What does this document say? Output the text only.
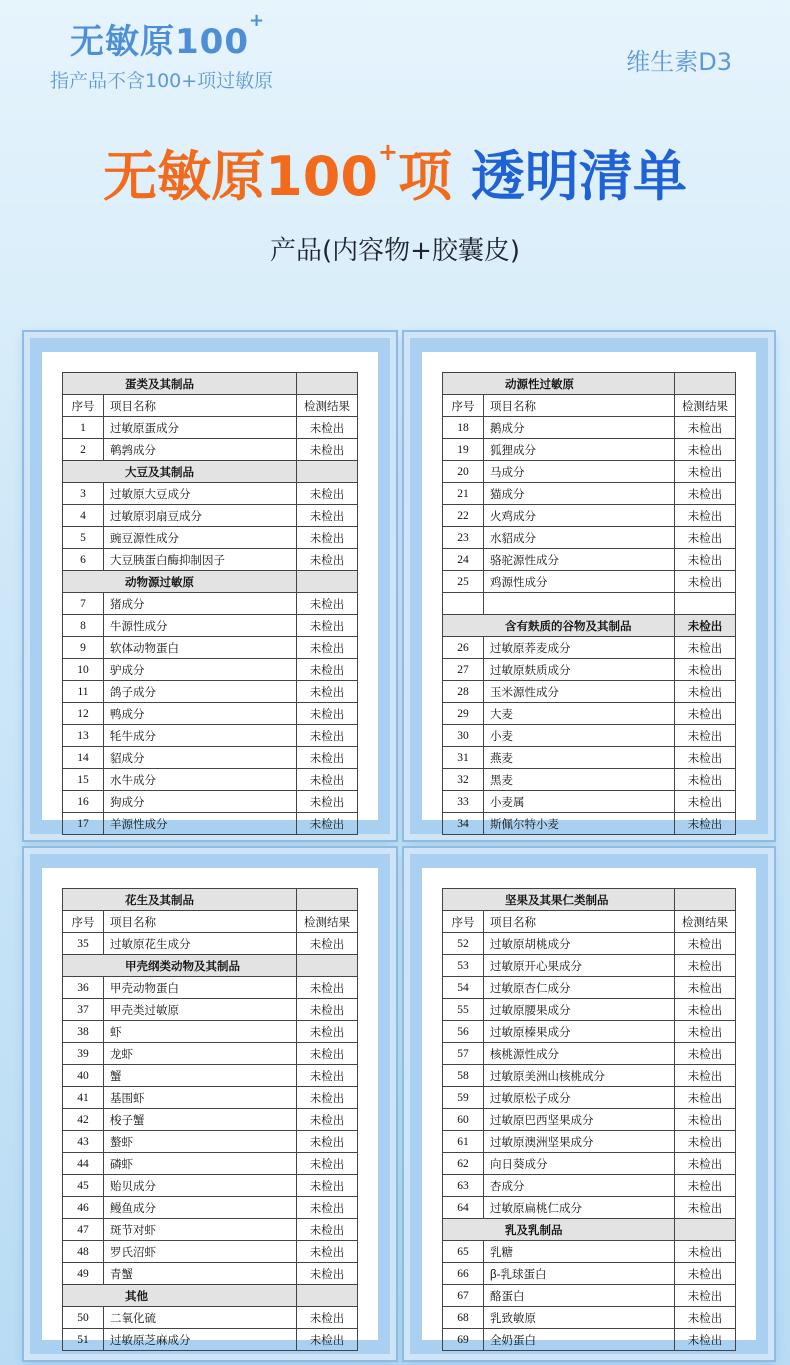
无敏原100+
指产品不含100+项过敏原
维生素D3
无敏原100+项 透明清单
产品(内容物+胶囊皮)
蛋类及其制品		
序号	项目名称	检测结果
1	过敏原蛋成分	未检出
2	鹌鹑成分	未检出
大豆及其制品		
3	过敏原大豆成分	未检出
4	过敏原羽扇豆成分	未检出
5	豌豆源性成分	未检出
6	大豆胰蛋白酶抑制因子	未检出
动物源过敏原		
7	猪成分	未检出
8	牛源性成分	未检出
9	软体动物蛋白	未检出
10	驴成分	未检出
11	鸽子成分	未检出
12	鸭成分	未检出
13	牦牛成分	未检出
14	貂成分	未检出
15	水牛成分	未检出
16	狗成分	未检出
17	羊源性成分	未检出
动源性过敏原		
序号	项目名称	检测结果
18	鹅成分	未检出
19	狐狸成分	未检出
20	马成分	未检出
21	猫成分	未检出
22	火鸡成分	未检出
23	水貂成分	未检出
24	骆驼源性成分	未检出
25	鸡源性成分	未检出

含有麸质的谷物及其制品		未检出
26	过敏原荞麦成分	未检出
27	过敏原麸质成分	未检出
28	玉米源性成分	未检出
29	大麦	未检出
30	小麦	未检出
31	燕麦	未检出
32	黑麦	未检出
33	小麦属	未检出
34	斯佩尔特小麦	未检出
花生及其制品		
序号	项目名称	检测结果
35	过敏原花生成分	未检出
甲壳纲类动物及其制品		
36	甲壳动物蛋白	未检出
37	甲壳类过敏原	未检出
38	虾	未检出
39	龙虾	未检出
40	蟹	未检出
41	基围虾	未检出
42	梭子蟹	未检出
43	螯虾	未检出
44	磷虾	未检出
45	贻贝成分	未检出
46	鳗鱼成分	未检出
47	斑节对虾	未检出
48	罗氏沼虾	未检出
49	青蟹	未检出
其他		
50	二氧化硫	未检出
51	过敏原芝麻成分	未检出
坚果及其果仁类制品		
序号	项目名称	检测结果
52	过敏原胡桃成分	未检出
53	过敏原开心果成分	未检出
54	过敏原杏仁成分	未检出
55	过敏原腰果成分	未检出
56	过敏原榛果成分	未检出
57	核桃源性成分	未检出
58	过敏原美洲山核桃成分	未检出
59	过敏原松子成分	未检出
60	过敏原巴西坚果成分	未检出
61	过敏原澳洲坚果成分	未检出
62	向日葵成分	未检出
63	杏成分	未检出
64	过敏原扁桃仁成分	未检出
乳及乳制品		
65	乳糖	未检出
66	β-乳球蛋白	未检出
67	酪蛋白	未检出
68	乳致敏原	未检出
69	全奶蛋白	未检出
